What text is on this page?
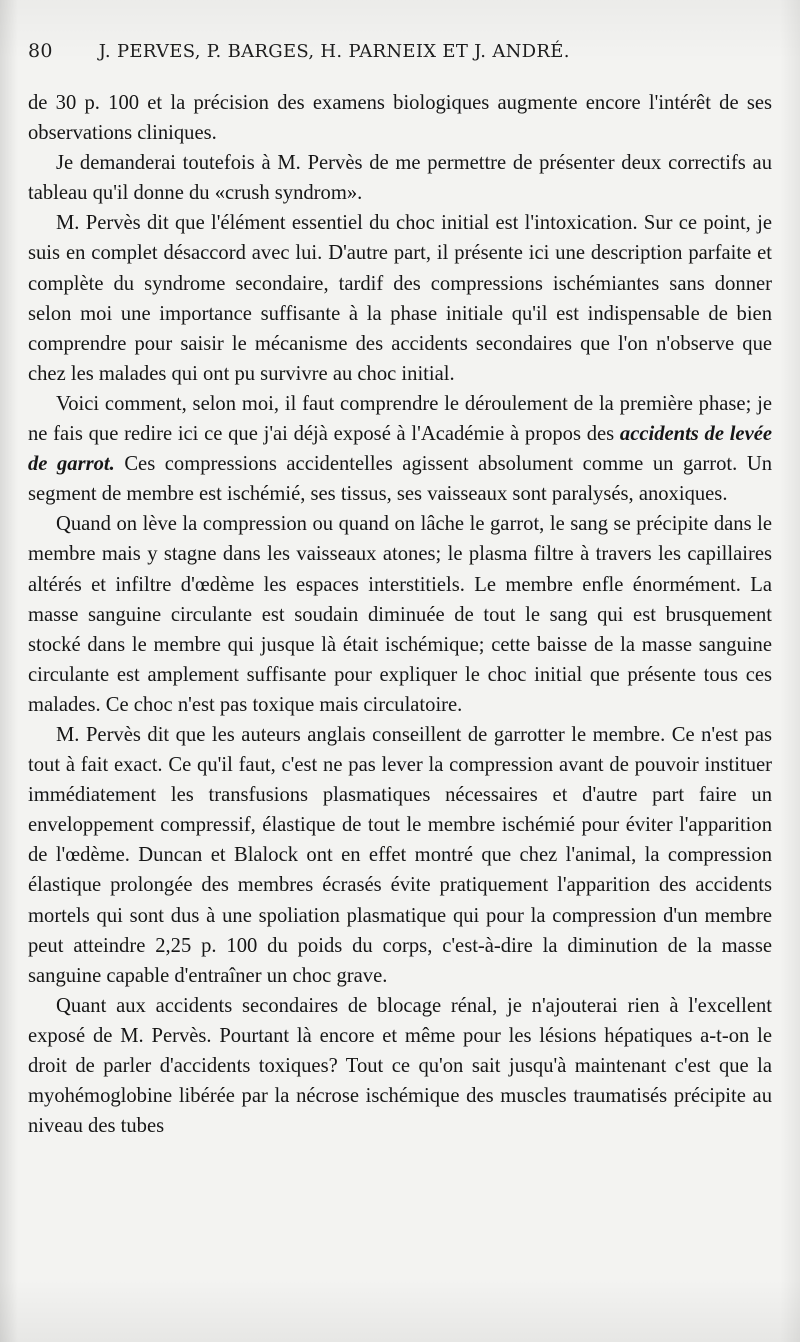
80	J. PERVES, P. BARGES, H. PARNEIX ET J. ANDRÉ.

de 30 p. 100 et la précision des examens biologiques augmente encore l'intérêt de ses observations cliniques.

Je demanderai toutefois à M. Pervès de me permettre de présenter deux correctifs au tableau qu'il donne du «crush syndrom».

M. Pervès dit que l'élément essentiel du choc initial est l'intoxication. Sur ce point, je suis en complet désaccord avec lui. D'autre part, il présente ici une description parfaite et complète du syndrome secondaire, tardif des compressions ischémiantes sans donner selon moi une importance suffisante à la phase initiale qu'il est indispensable de bien comprendre pour saisir le mécanisme des accidents secondaires que l'on n'observe que chez les malades qui ont pu survivre au choc initial.

Voici comment, selon moi, il faut comprendre le déroulement de la première phase; je ne fais que redire ici ce que j'ai déjà exposé à l'Académie à propos des accidents de levée de garrot. Ces compressions accidentelles agissent absolument comme un garrot. Un segment de membre est ischémié, ses tissus, ses vaisseaux sont paralysés, anoxiques.

Quand on lève la compression ou quand on lâche le garrot, le sang se précipite dans le membre mais y stagne dans les vaisseaux atones; le plasma filtre à travers les capillaires altérés et infiltre d'œdème les espaces interstitiels. Le membre enfle énormément. La masse sanguine circulante est soudain diminuée de tout le sang qui est brusquement stocké dans le membre qui jusque là était ischémique; cette baisse de la masse sanguine circulante est amplement suffisante pour expliquer le choc initial que présente tous ces malades. Ce choc n'est pas toxique mais circulatoire.

M. Pervès dit que les auteurs anglais conseillent de garrotter le membre. Ce n'est pas tout à fait exact. Ce qu'il faut, c'est ne pas lever la compression avant de pouvoir instituer immédiatement les transfusions plasmatiques nécessaires et d'autre part faire un enveloppement compressif, élastique de tout le membre ischémié pour éviter l'apparition de l'œdème. Duncan et Blalock ont en effet montré que chez l'animal, la compression élastique prolongée des membres écrasés évite pratiquement l'apparition des accidents mortels qui sont dus à une spoliation plasmatique qui pour la compression d'un membre peut atteindre 2,25 p. 100 du poids du corps, c'est-à-dire la diminution de la masse sanguine capable d'entraîner un choc grave.

Quant aux accidents secondaires de blocage rénal, je n'ajouterai rien à l'excellent exposé de M. Pervès. Pourtant là encore et même pour les lésions hépatiques a-t-on le droit de parler d'accidents toxiques? Tout ce qu'on sait jusqu'à maintenant c'est que la myohémoglobine libérée par la nécrose ischémique des muscles traumatisés précipite au niveau des tubes
